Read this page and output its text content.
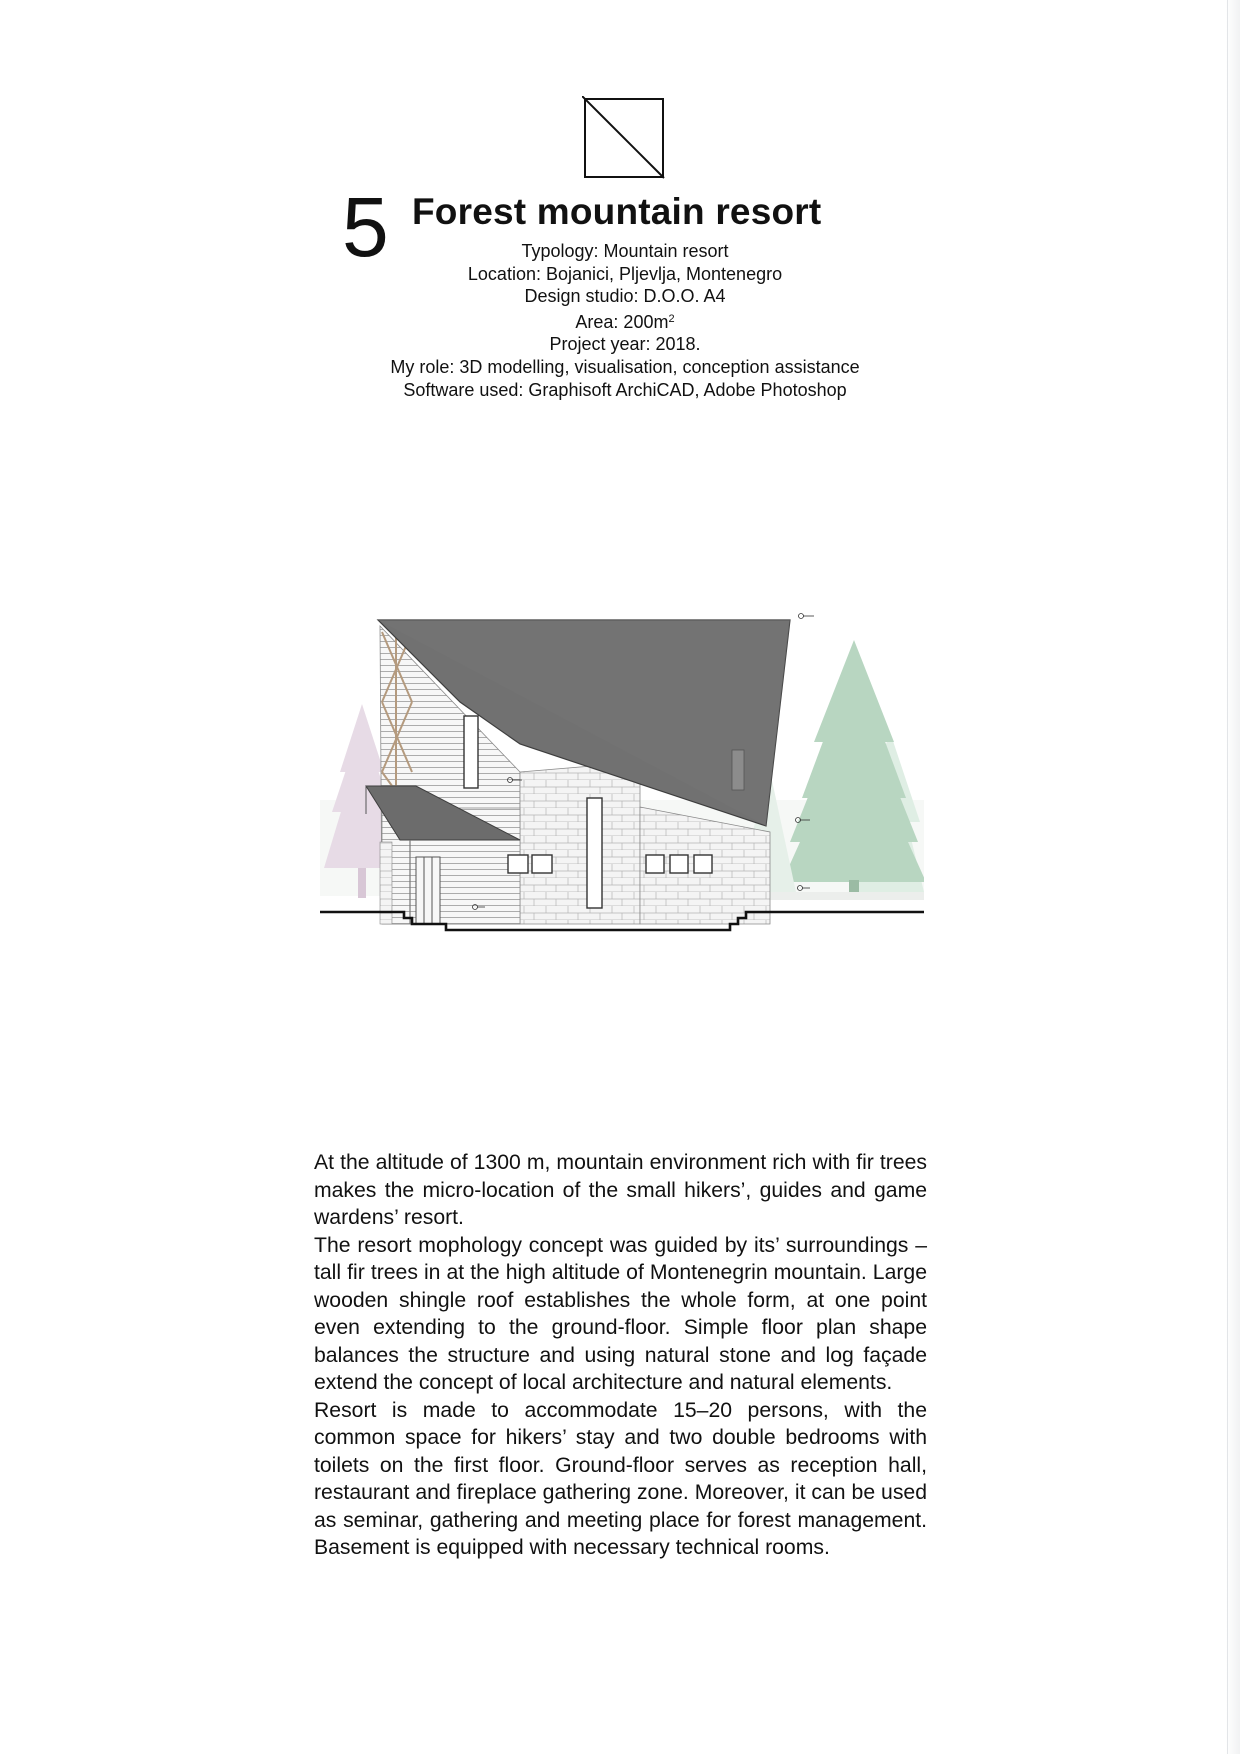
5 Forest mountain resort
Typology: Mountain resort
Location: Bojanici, Pljevlja, Montenegro
Design studio: D.O.O. A4
Area: $200m^2$
Project year: 2018.
My role: 3D modelling, visualisation, conception assistance
Software used: Graphisoft ArchiCAD, Adobe Photoshop

At the altitude of 1300 m, mountain environment rich with fir trees makes the micro-location of the small hikers’, guides and game wardens’ resort.

The resort mophology concept was guided by its’ surroundings – tall fir trees in at the high altitude of Montenegrin mountain. Large wooden shingle roof establishes the whole form, at one point even extending to the ground-floor. Simple floor plan shape balances the structure and using natural stone and log façade extend the concept of local architecture and natural elements.

Resort is made to accommodate 15–20 persons, with the common space for hikers’ stay and two double bedrooms with toilets on the first floor. Ground-floor serves as reception hall, restaurant and fireplace gathering zone. Moreover, it can be used as seminar, gathering and meeting place for forest management. Basement is equipped with necessary technical rooms.
